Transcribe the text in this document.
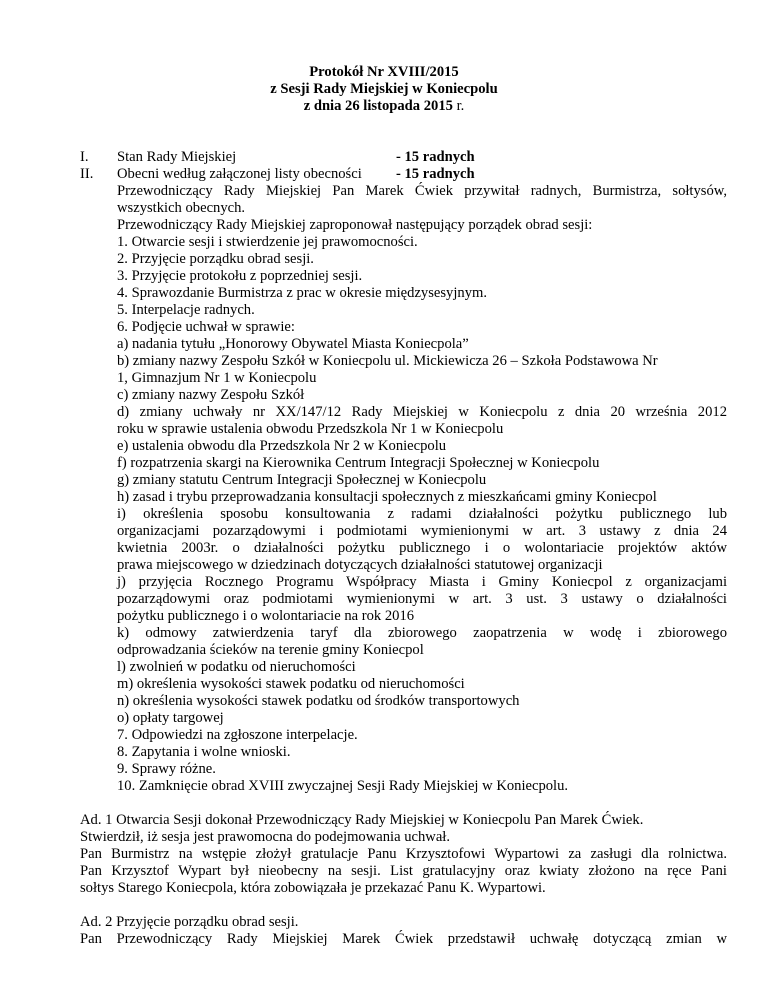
Protokół Nr XVIII/2015
z Sesji Rady Miejskiej w Koniecpolu
z dnia 26 listopada 2015 r.
I. Stan Rady Miejskiej	- 15 radnych
II. Obecni według załączonej listy obecności - 15 radnych
Przewodniczący Rady Miejskiej Pan Marek Ćwiek przywitał radnych, Burmistrza, sołtysów,
wszystkich obecnych.
Przewodniczący Rady Miejskiej zaproponował następujący porządek obrad sesji:
1. Otwarcie sesji i stwierdzenie jej prawomocności.
2. Przyjęcie porządku obrad sesji.
3. Przyjęcie protokołu z poprzedniej sesji.
4. Sprawozdanie Burmistrza z prac w okresie międzysesyjnym.
5. Interpelacje radnych.
6. Podjęcie uchwał w sprawie:
a) nadania tytułu „Honorowy Obywatel Miasta Koniecpola”
b) zmiany nazwy Zespołu Szkół w Koniecpolu ul. Mickiewicza 26 – Szkoła Podstawowa Nr
1, Gimnazjum Nr 1 w Koniecpolu
c) zmiany nazwy Zespołu Szkół
d) zmiany uchwały nr XX/147/12 Rady Miejskiej w Koniecpolu z dnia 20 września 2012
roku w sprawie ustalenia obwodu Przedszkola Nr 1 w Koniecpolu
e) ustalenia obwodu dla Przedszkola Nr 2 w Koniecpolu
f) rozpatrzenia skargi na Kierownika Centrum Integracji Społecznej w Koniecpolu
g) zmiany statutu Centrum Integracji Społecznej w Koniecpolu
h) zasad i trybu przeprowadzania konsultacji społecznych z mieszkańcami gminy Koniecpol
i) określenia sposobu konsultowania z radami działalności pożytku publicznego lub
organizacjami pozarządowymi i podmiotami wymienionymi w art. 3 ustawy z dnia 24
kwietnia 2003r. o działalności pożytku publicznego i o wolontariacie projektów aktów
prawa miejscowego w dziedzinach dotyczących działalności statutowej organizacji
j) przyjęcia Rocznego Programu Współpracy Miasta i Gminy Koniecpol z organizacjami
pozarządowymi oraz podmiotami wymienionymi w art. 3 ust. 3 ustawy o działalności
pożytku publicznego i o wolontariacie na rok 2016
k) odmowy zatwierdzenia taryf dla zbiorowego zaopatrzenia w wodę i zbiorowego
odprowadzania ścieków na terenie gminy Koniecpol
l) zwolnień w podatku od nieruchomości
m) określenia wysokości stawek podatku od nieruchomości
n) określenia wysokości stawek podatku od środków transportowych
o) opłaty targowej
7. Odpowiedzi na zgłoszone interpelacje.
8. Zapytania i wolne wnioski.
9. Sprawy różne.
10. Zamknięcie obrad XVIII zwyczajnej Sesji Rady Miejskiej w Koniecpolu.
Ad. 1 Otwarcia Sesji dokonał Przewodniczący Rady Miejskiej w Koniecpolu Pan Marek Ćwiek.
Stwierdził, iż sesja jest prawomocna do podejmowania uchwał.
Pan Burmistrz na wstępie złożył gratulacje Panu Krzysztofowi Wypartowi za zasługi dla rolnictwa.
Pan Krzysztof Wypart był nieobecny na sesji. List gratulacyjny oraz kwiaty złożono na ręce Pani
sołtys Starego Koniecpola, która zobowiązała je przekazać Panu K. Wypartowi.
Ad. 2 Przyjęcie porządku obrad sesji.
Pan Przewodniczący Rady Miejskiej Marek Ćwiek przedstawił uchwałę dotyczącą zmian w
